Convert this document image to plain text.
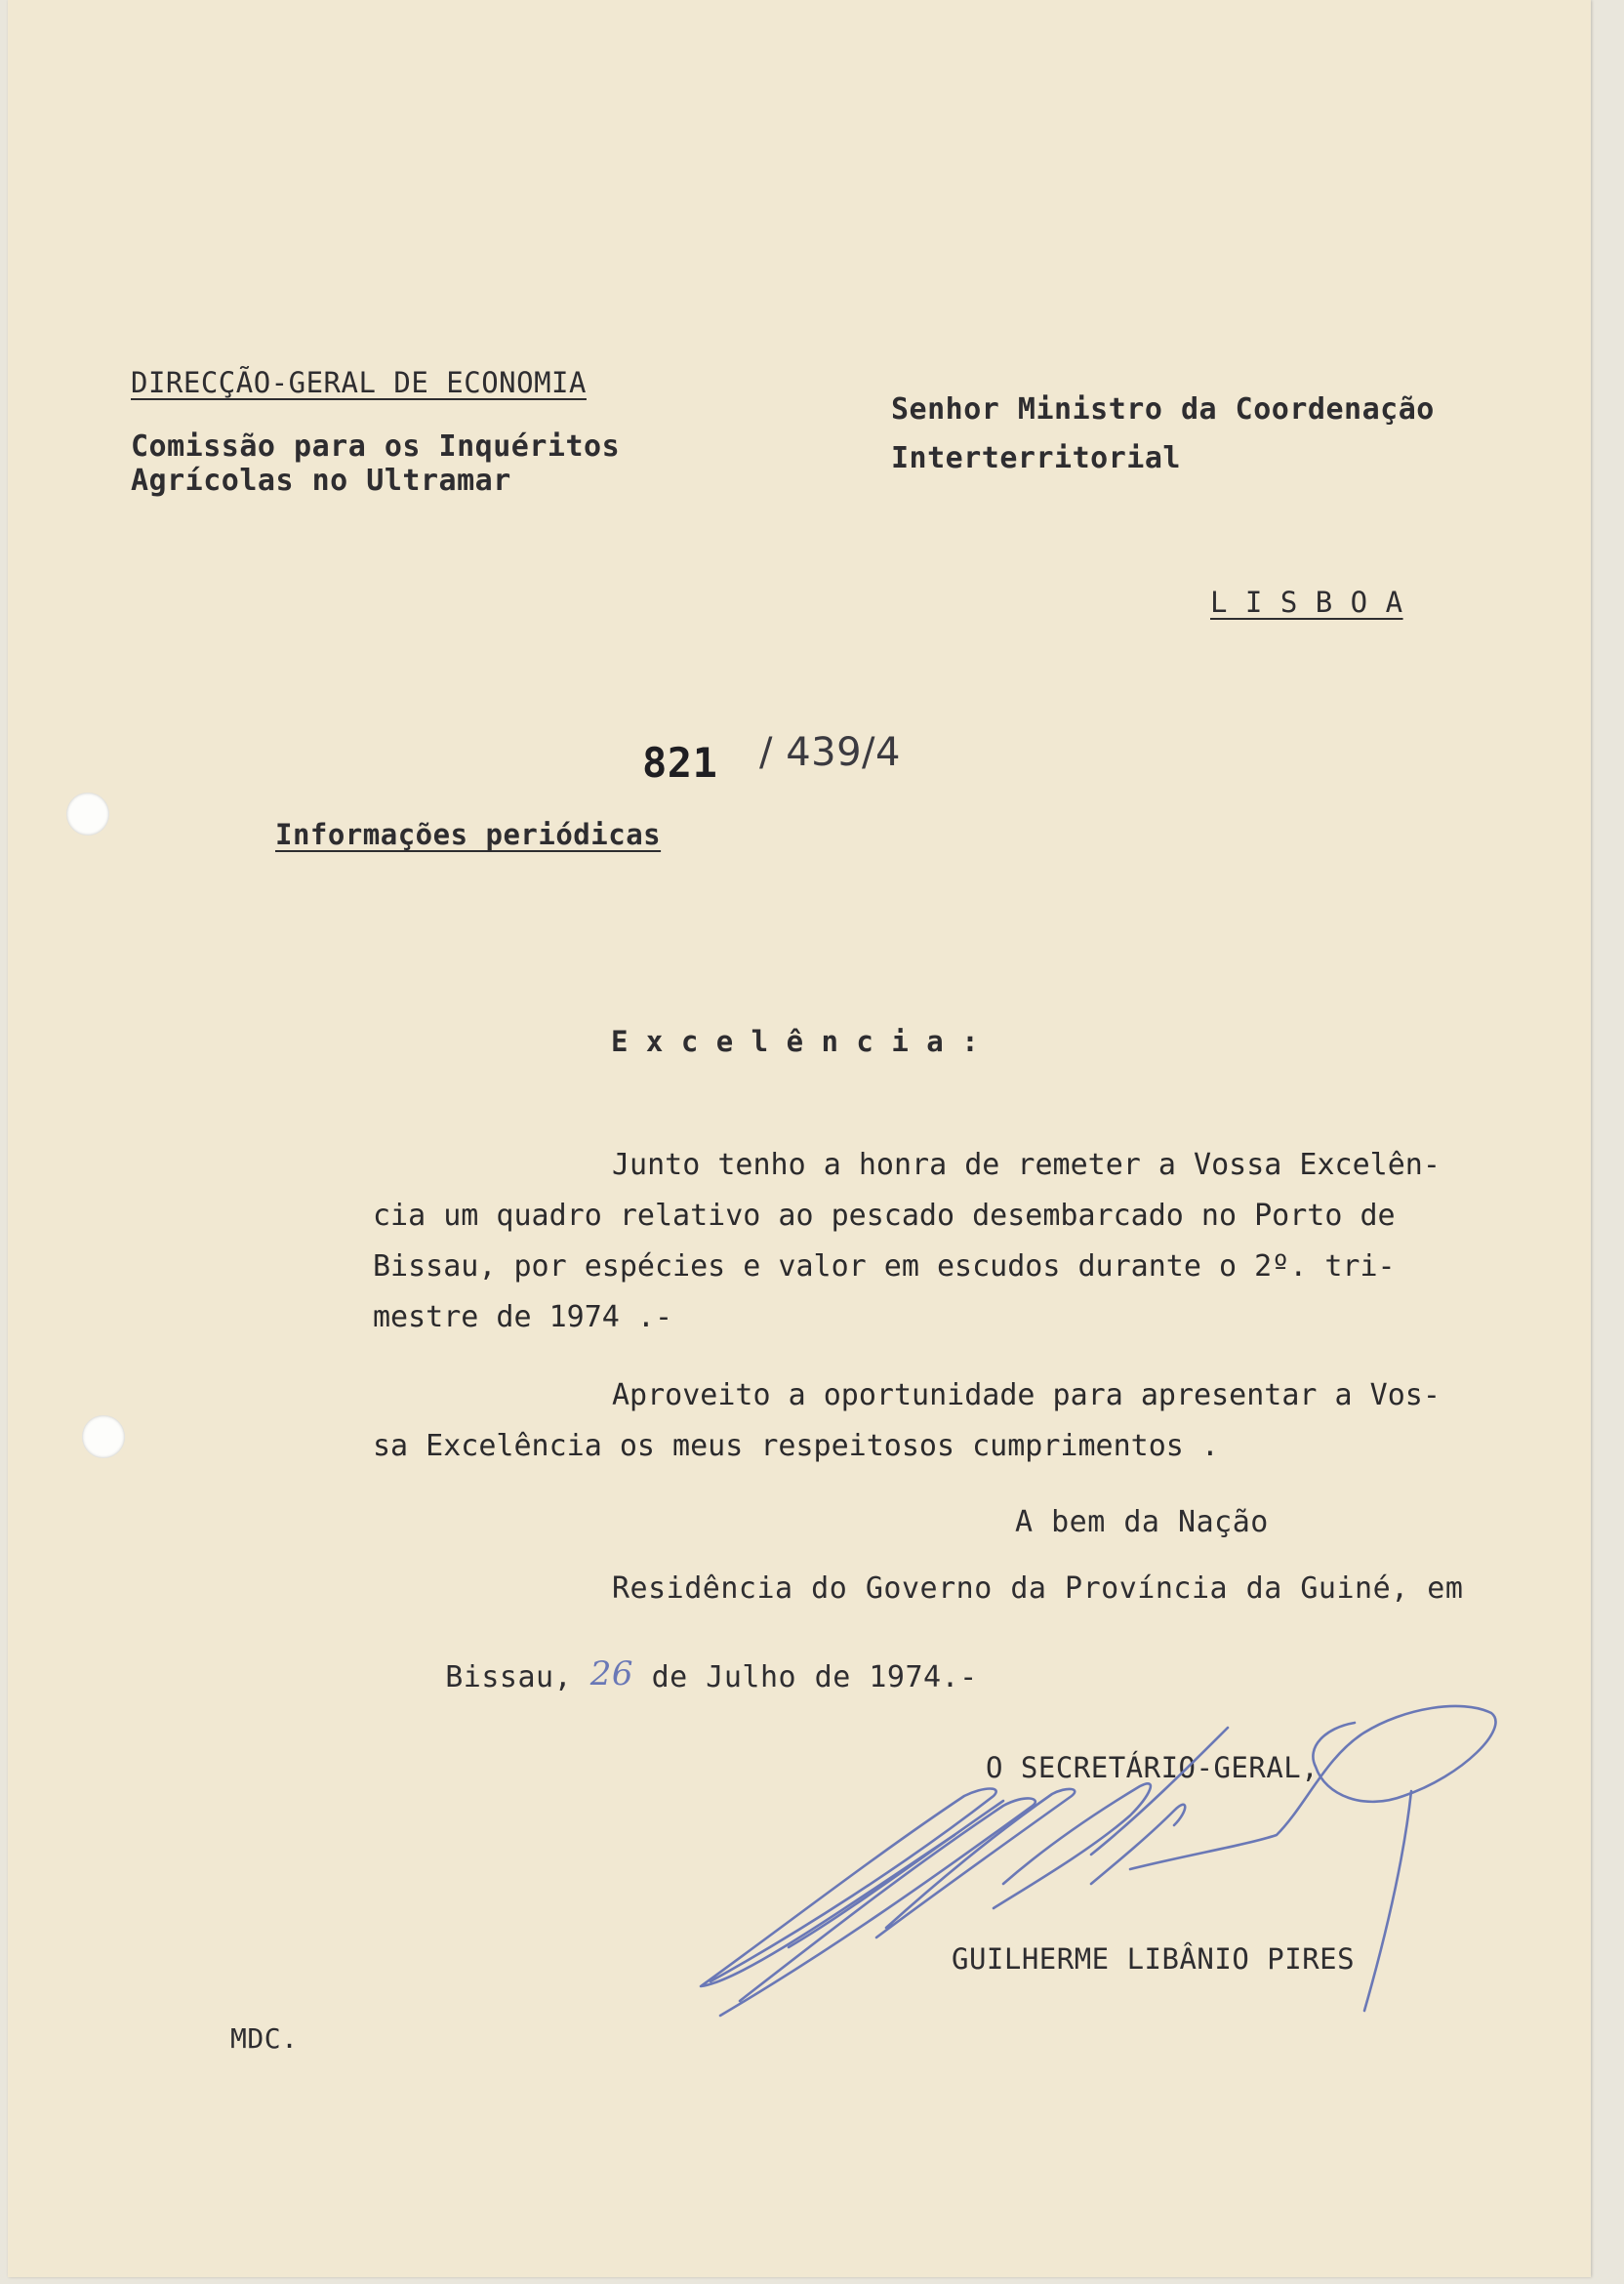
DIRECÇÃO-GERAL DE ECONOMIA
Comissão para os Inquéritos
Agrícolas no Ultramar
Senhor Ministro da Coordenação
Interterritorial
L I S B O A
821 / 439/4
Informações periódicas
E x c e l ê n c i a :
Junto tenho a honra de remeter a Vossa Excelên-
cia um quadro relativo ao pescado desembarcado no Porto de
Bissau, por espécies e valor em escudos durante o 2º. tri-
mestre de 1974 .-
Aproveito a oportunidade para apresentar a Vos-
sa Excelência os meus respeitosos cumprimentos .
A bem da Nação
Residência do Governo da Província da Guiné, em

Bissau, 26 de Julho de 1974.-

O SECRETÁRIO-GERAL,
GUILHERME LIBÂNIO PIRES
MDC.
